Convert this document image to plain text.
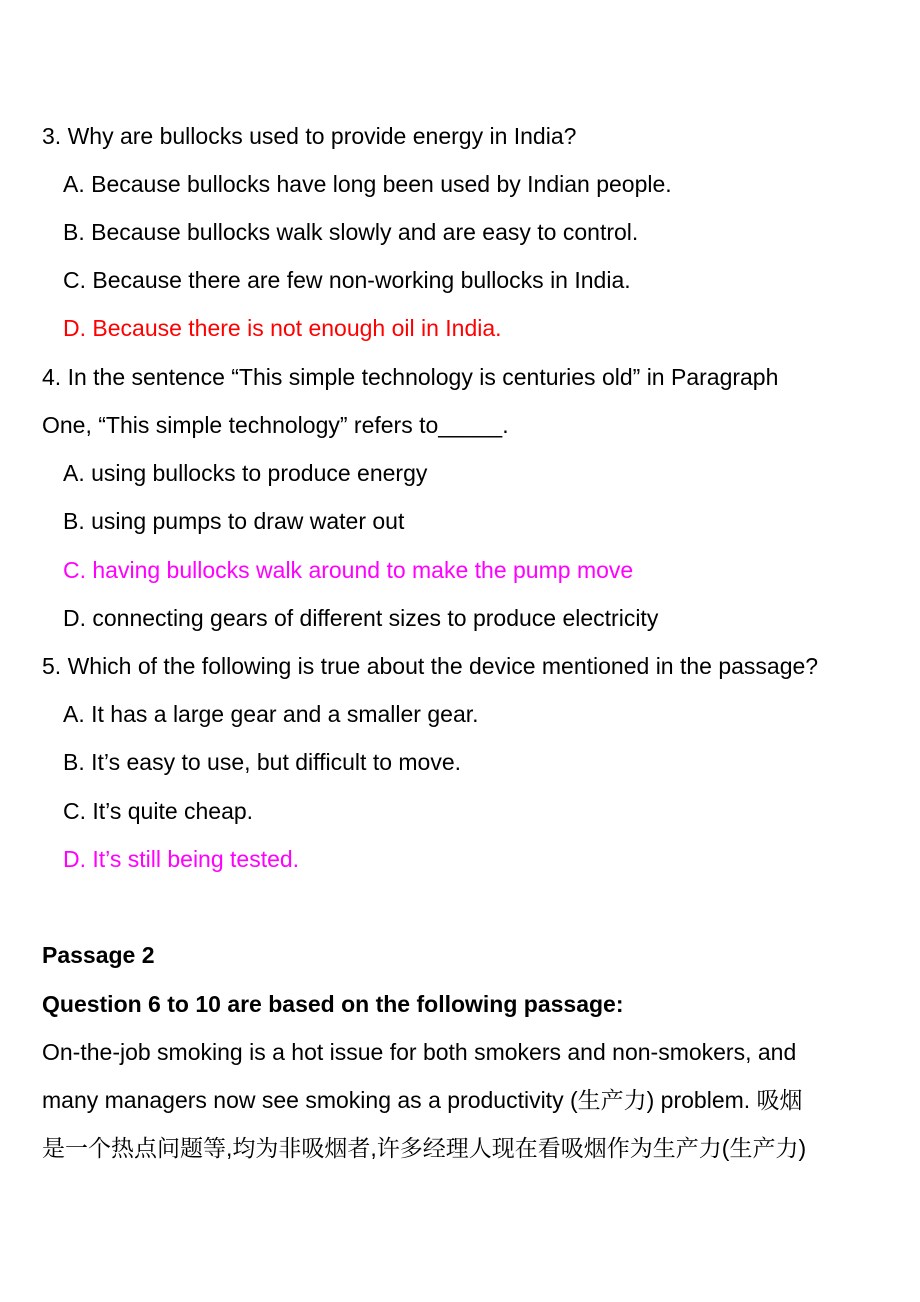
3. Why are bullocks used to provide energy in India?
A. Because bullocks have long been used by Indian people.
B. Because bullocks walk slowly and are easy to control.
C. Because there are few non-working bullocks in India.
D. Because there is not enough oil in India.
4. In the sentence “This simple technology is centuries old” in Paragraph
One, “This simple technology” refers to_____.
A. using bullocks to produce energy
B. using pumps to draw water out
C. having bullocks walk around to make the pump move
D. connecting gears of different sizes to produce electricity
5. Which of the following is true about the device mentioned in the passage?
A. It has a large gear and a smaller gear.
B. It’s easy to use, but difficult to move.
C. It’s quite cheap.
D. It’s still being tested.
Passage 2
Question 6 to 10 are based on the following passage:
On-the-job smoking is a hot issue for both smokers and non-smokers, and
many managers now see smoking as a productivity (生产力) problem. 吸烟
是一个热点问题等,均为非吸烟者,许多经理人现在看吸烟作为生产力(生产力)
